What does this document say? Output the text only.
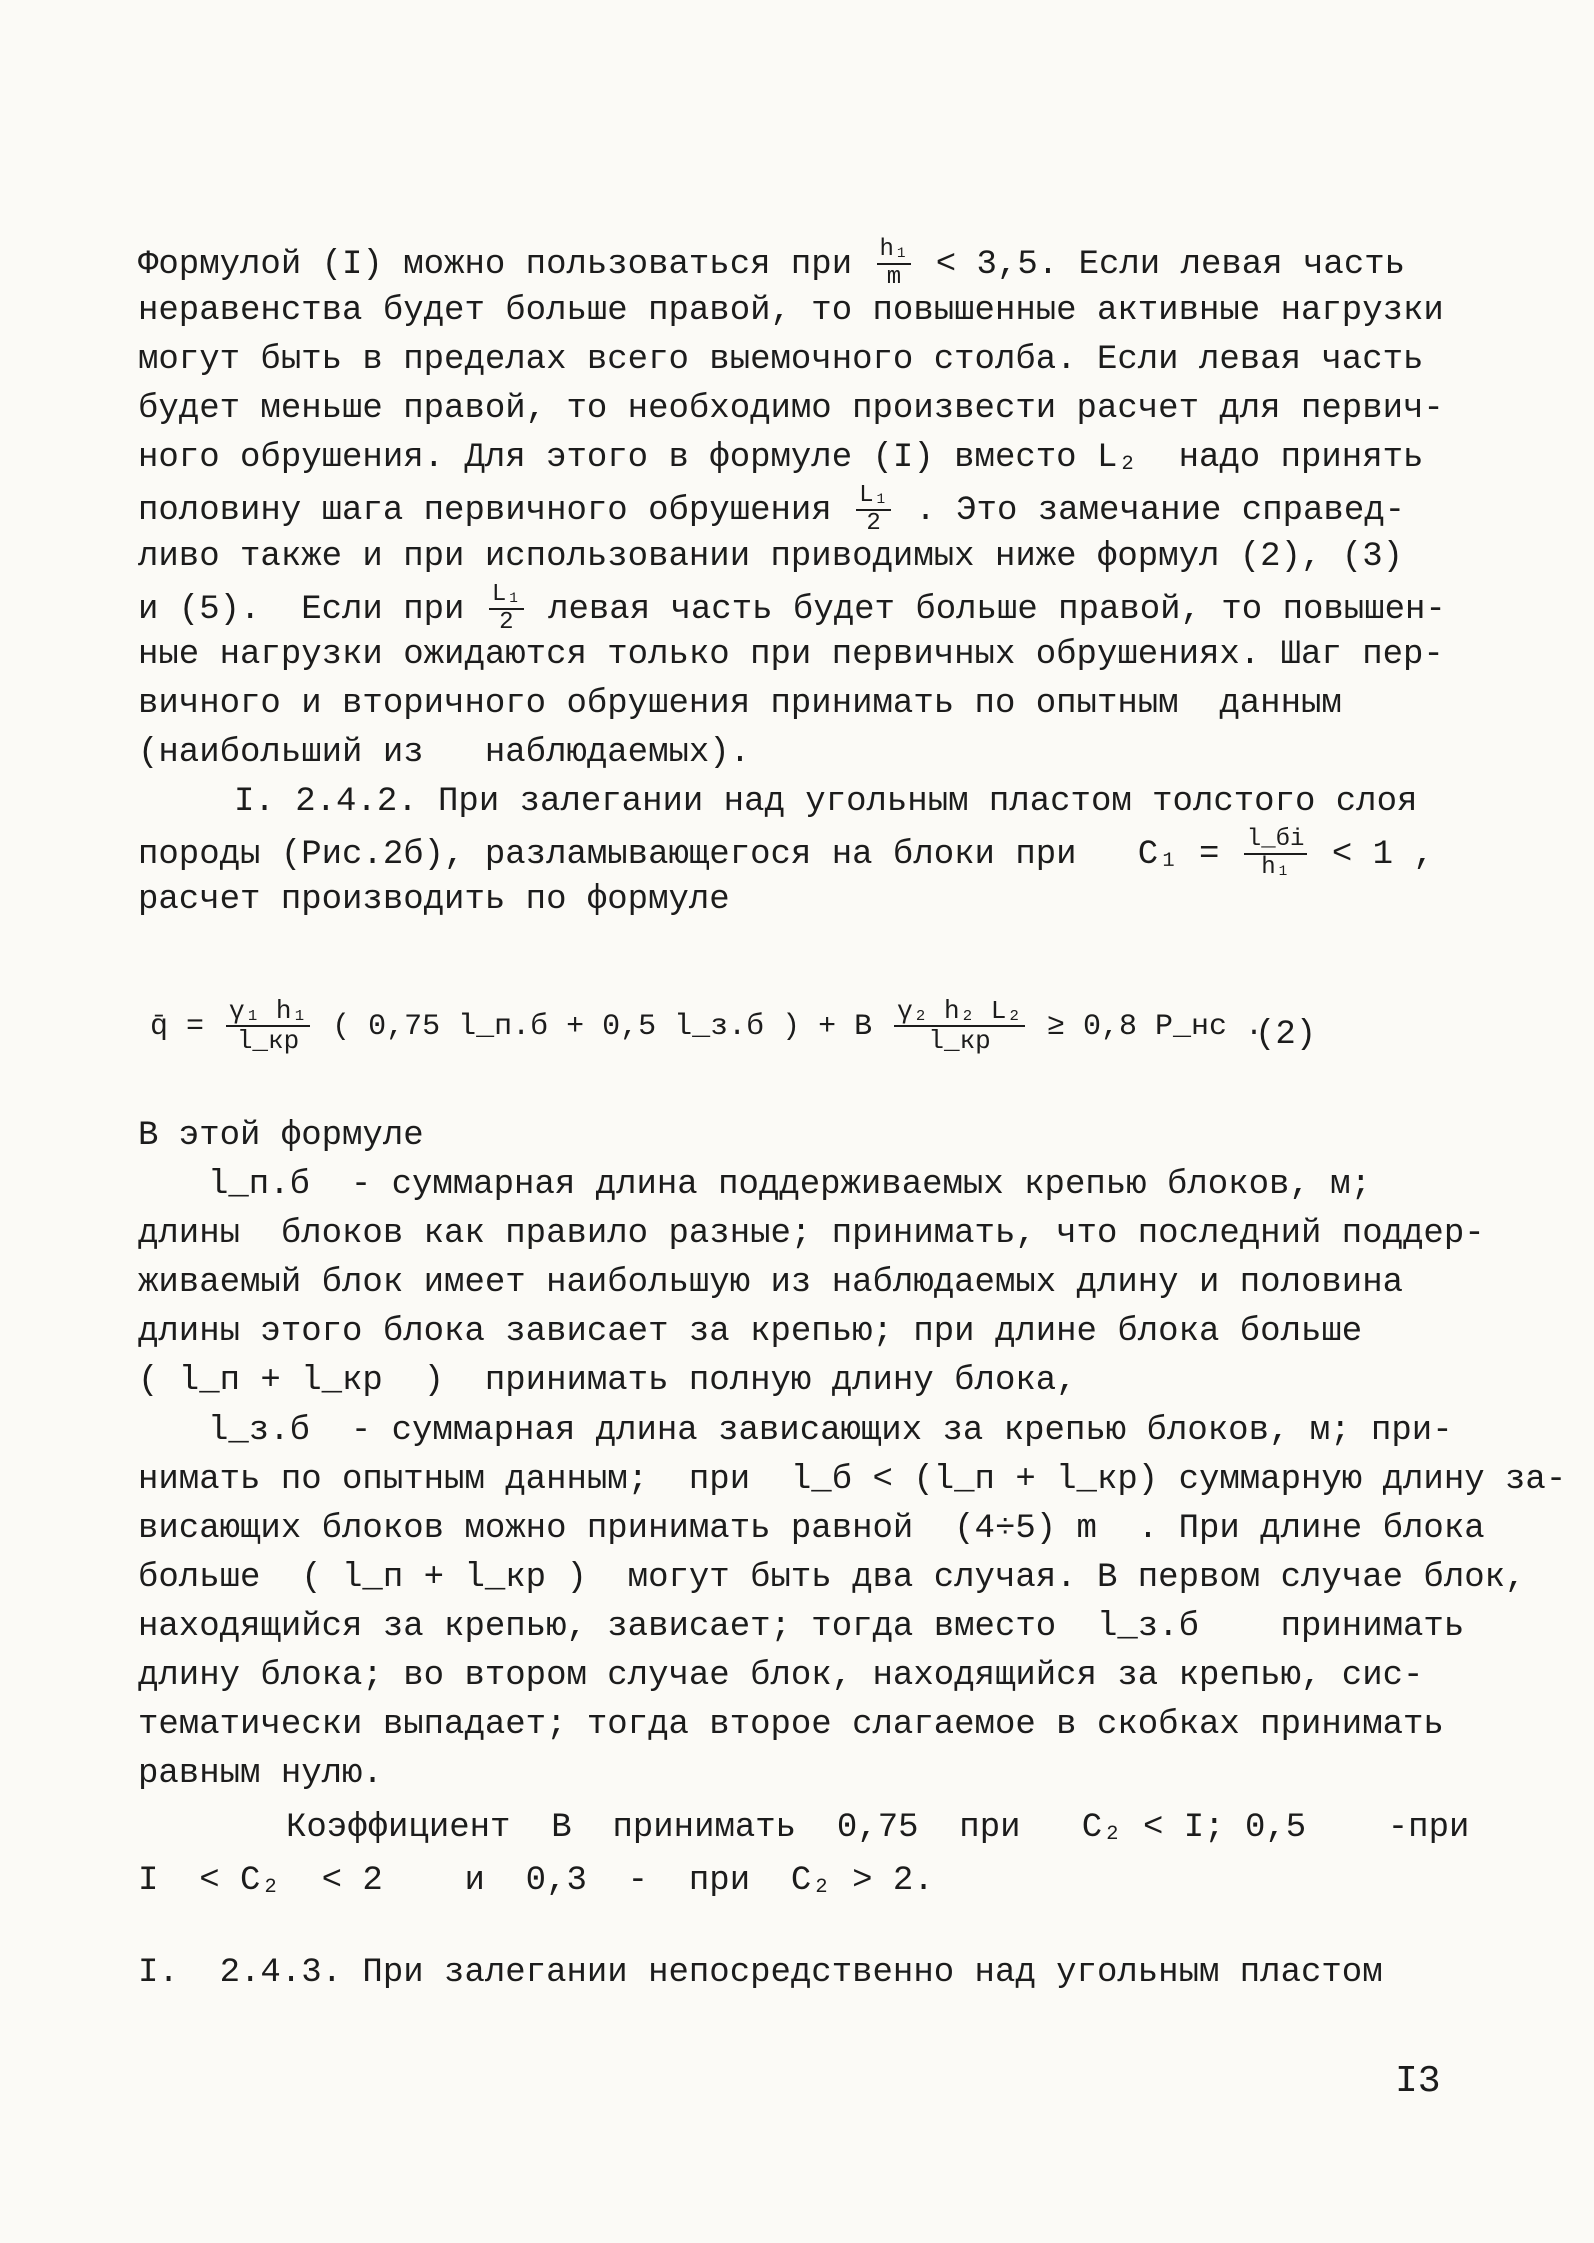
Формулой (I) можно пользоваться при $\frac{\text{h₁}}{m} < 3,5$. Если левая часть
неравенства будет больше правой, то повышенные активные нагрузки
могут быть в пределах всего выемочного столба. Если левая часть
будет меньше правой, то необходимо произвести расчет для первич-
ного обрушения. Для этого в формуле (I) вместо L₂  надо принять
половину шага первичного обрушения $\frac{\text{L₁}}{2}$ . Это замечание справед-
ливо также и при использовании приводимых ниже формул (2), (3)
и (5).  Если при $\frac{\text{L₁}}{2}$ левая часть будет больше правой, то повышен-
ные нагрузки ожидаются только при первичных обрушениях. Шаг пер-
вичного и вторичного обрушения принимать по опытным  данным
(наибольший из   наблюдаемых).
I. 2.4.2. При залегании над угольным пластом толстого слоя
породы (Рис.2б), разламывающегося на блоки при   $C_1 = \frac{l\_бi}{\text{h₁}} < 1$ ,
расчет производить по формуле
q̄ = $\frac{\text{γ₁ h₁}}{l\_кр}$ ( 0,75 l_п.б + 0,5 l_з.б ) + B $\frac{\text{γ₂ h₂ L₂}}{l\_кр} \ge 0,8$ P_нс .
(2)
В этой формуле
l_п.б  - суммарная длина поддерживаемых крепью блоков, м;
длины  блоков как правило разные; принимать, что последний поддер-
живаемый блок имеет наибольшую из наблюдаемых длину и половина
длины этого блока зависает за крепью; при длине блока больше
( l_п + l_кр  )  принимать полную длину блока,
l_з.б  - суммарная длина зависающих за крепью блоков, м; при-
нимать по опытным данным;  при  l_б < (l_п + l_кр) суммарную длину за-
висающих блоков можно принимать равной  (4÷5) m  . При длине блока
больше  ( l_п + l_кр )  могут быть два случая. В первом случае блок,
находящийся за крепью, зависает; тогда вместо  l_з.б    принимать
длину блока; во втором случае блок, находящийся за крепью, сис-
тематически выпадает; тогда второе слагаемое в скобках принимать
равным нулю.
Коэффициент  B  принимать  0,75  при   C₂ < I; 0,5    -при
I  < C₂  < 2    и  0,3  -  при  C₂ > 2.
I.  2.4.3. При залегании непосредственно над угольным пластом
I3
